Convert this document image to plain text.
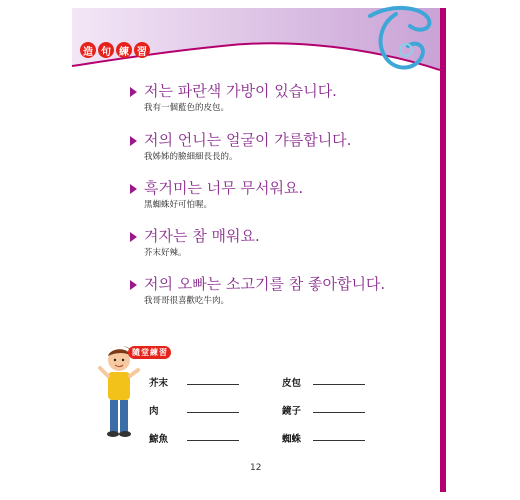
造 句 練 習
저는 파란색 가방이 있습니다.
我有一個藍色的皮包。
저의 언니는 얼굴이 갸름합니다.
我姊姊的臉細細長長的。
흑거미는 너무 무서워요.
黑蜘蛛好可怕喔。
겨자는 참 매워요.
芥末好辣。
저의 오빠는 소고기를 참 좋아합니다.
我哥哥很喜歡吃牛肉。
隨 堂 練 習
芥末	皮包
肉	鏡子
鯨魚	蜘蛛
12
